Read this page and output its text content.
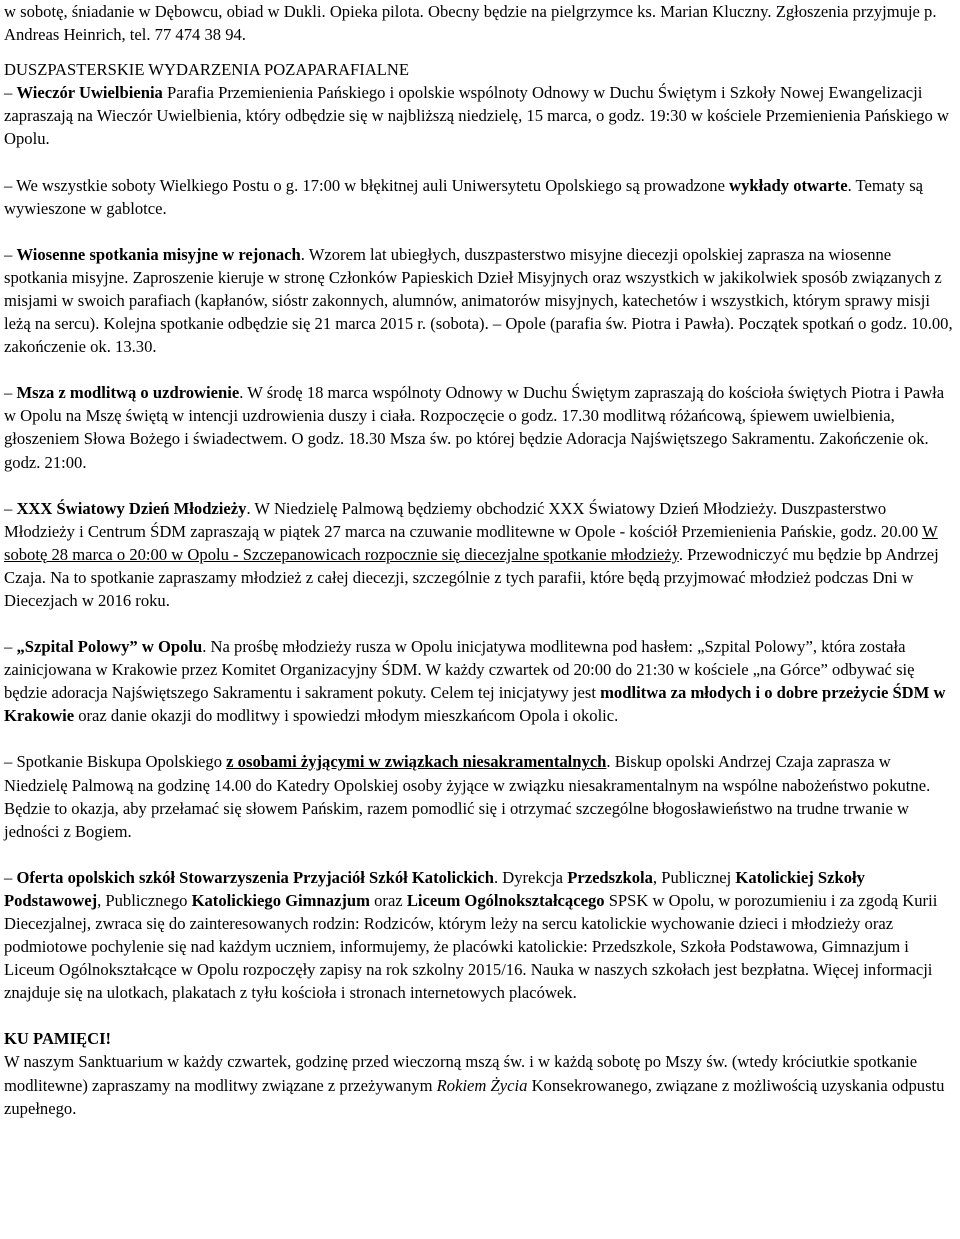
w sobotę, śniadanie w Dębowcu, obiad w Dukli. Opieka pilota. Obecny będzie na pielgrzymce ks. Marian Kluczny. Zgłoszenia przyjmuje p. Andreas Heinrich, tel. 77 474 38 94.

DUSZPASTERSKIE WYDARZENIA POZAPARAFIALNE

– Wieczór Uwielbienia Parafia Przemienienia Pańskiego i opolskie wspólnoty Odnowy w Duchu Świętym i Szkoły Nowej Ewangelizacji zapraszają na Wieczór Uwielbienia, który odbędzie się w najbliższą niedzielę, 15 marca, o godz. 19:30 w kościele Przemienienia Pańskiego w Opolu.

– We wszystkie soboty Wielkiego Postu o g. 17:00 w błękitnej auli Uniwersytetu Opolskiego są prowadzone wykłady otwarte. Tematy są wywieszone w gablotce.

– Wiosenne spotkania misyjne w rejonach. Wzorem lat ubiegłych, duszpasterstwo misyjne diecezji opolskiej zaprasza na wiosenne spotkania misyjne. Zaproszenie kieruje w stronę Członków Papieskich Dzieł Misyjnych oraz wszystkich w jakikolwiek sposób związanych z misjami w swoich parafiach (kapłanów, sióstr zakonnych, alumnów, animatorów misyjnych, katechetów i wszystkich, którym sprawy misji leżą na sercu). Kolejna spotkanie odbędzie się 21 marca 2015 r. (sobota). – Opole (parafia św. Piotra i Pawła). Początek spotkań o godz. 10.00, zakończenie ok. 13.30.

– Msza z modlitwą o uzdrowienie. W środę 18 marca wspólnoty Odnowy w Duchu Świętym zapraszają do kościoła świętych Piotra i Pawła w Opolu na Mszę świętą w intencji uzdrowienia duszy i ciała. Rozpoczęcie o godz. 17.30 modlitwą różańcową, śpiewem uwielbienia, głoszeniem Słowa Bożego i świadectwem. O godz. 18.30 Msza św. po której będzie Adoracja Najświętszego Sakramentu. Zakończenie ok. godz. 21:00.

– XXX Światowy Dzień Młodzieży. W Niedzielę Palmową będziemy obchodzić XXX Światowy Dzień Młodzieży. Duszpasterstwo Młodzieży i Centrum ŚDM zapraszają w piątek 27 marca na czuwanie modlitewne w Opole - kościół Przemienienia Pańskie, godz. 20.00 W sobotę 28 marca o 20:00 w Opolu - Szczepanowicach rozpocznie się diecezjalne spotkanie młodzieży. Przewodniczyć mu będzie bp Andrzej Czaja. Na to spotkanie zapraszamy młodzież z całej diecezji, szczególnie z tych parafii, które będą przyjmować młodzież podczas Dni w Diecezjach w 2016 roku.

– „Szpital Polowy” w Opolu. Na prośbę młodzieży rusza w Opolu inicjatywa modlitewna pod hasłem: „Szpital Polowy”, która została zainicjowana w Krakowie przez Komitet Organizacyjny ŚDM. W każdy czwartek od 20:00 do 21:30 w kościele „na Górce” odbywać się będzie adoracja Najświętszego Sakramentu i sakrament pokuty. Celem tej inicjatywy jest modlitwa za młodych i o dobre przeżycie ŚDM w Krakowie oraz danie okazji do modlitwy i spowiedzi młodym mieszkańcom Opola i okolic.

– Spotkanie Biskupa Opolskiego z osobami żyjącymi w związkach niesakramentalnych. Biskup opolski Andrzej Czaja zaprasza w Niedzielę Palmową na godzinę 14.00 do Katedry Opolskiej osoby żyjące w związku niesakramentalnym na wspólne nabożeństwo pokutne. Będzie to okazja, aby przełamać się słowem Pańskim, razem pomodlić się i otrzymać szczególne błogosławieństwo na trudne trwanie w jedności z Bogiem.

– Oferta opolskich szkół Stowarzyszenia Przyjaciół Szkół Katolickich. Dyrekcja Przedszkola, Publicznej Katolickiej Szkoły Podstawowej, Publicznego Katolickiego Gimnazjum oraz Liceum Ogólnokształcącego SPSK w Opolu, w porozumieniu i za zgodą Kurii Diecezjalnej, zwraca się do zainteresowanych rodzin: Rodziców, którym leży na sercu katolickie wychowanie dzieci i młodzieży oraz podmiotowe pochylenie się nad każdym uczniem, informujemy, że placówki katolickie: Przedszkole, Szkoła Podstawowa, Gimnazjum i Liceum Ogólnokształcące w Opolu rozpoczęły zapisy na rok szkolny 2015/16. Nauka w naszych szkołach jest bezpłatna. Więcej informacji znajduje się na ulotkach, plakatach z tyłu kościoła i stronach internetowych placówek.

KU PAMIĘCI!

W naszym Sanktuarium w każdy czwartek, godzinę przed wieczorną mszą św. i w każdą sobotę po Mszy św. (wtedy króciutkie spotkanie modlitewne) zapraszamy na modlitwy związane z przeżywanym Rokiem Życia Konsekrowanego, związane z możliwością uzyskania odpustu zupełnego.
